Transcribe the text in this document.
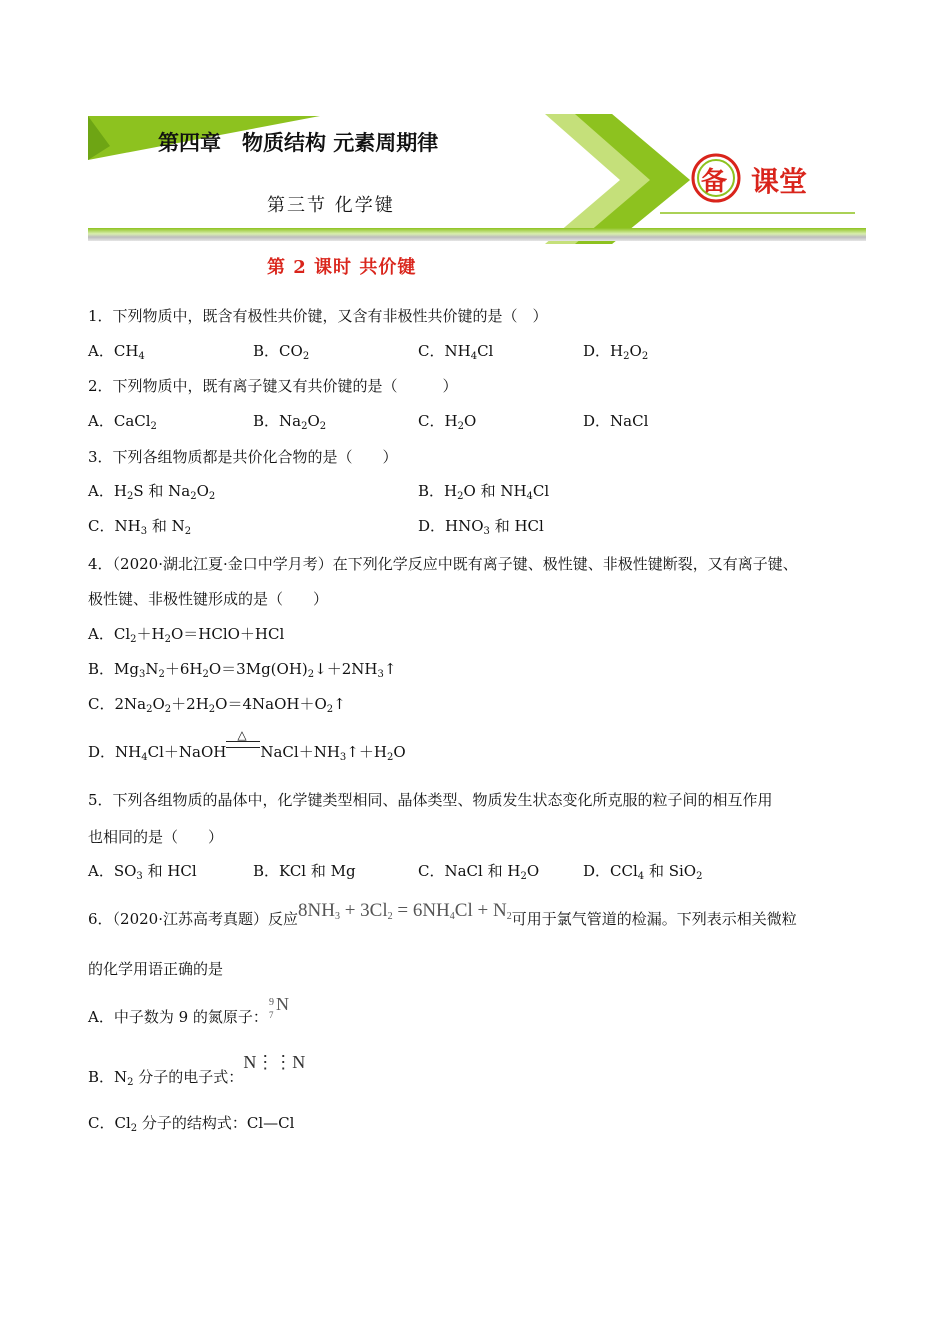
第四章　物质结构 元素周期律
第三节 化学键
备 课堂
第 2 课时 共价键
1．下列物质中，既含有极性共价键，又含有非极性共价键的是（　）
A．$CH_4$	B．$CO_2$	C．$NH_4Cl$	D．$H_2O_2$
2．下列物质中，既有离子键又有共价键的是（　　　）
A．CaCl$_2$	B．$Na_2O_2$	C．$H_2O$	D．NaCl
3．下列各组物质都是共价化合物的是（　　）
A．$H_2S$ 和 $Na_2O_2$	B．$H_2O$ 和 $NH_4Cl$
C．$NH_3$ 和 $N_2$	D．$HNO_3$ 和 HCl
4．（2020·湖北江夏·金口中学月考）在下列化学反应中既有离子键、极性键、非极性键断裂，又有离子键、
极性键、非极性键形成的是（　　）
A．$Cl_2+H_2O=HClO+HCl$
B．$Mg_3N_2+6H_2O=3Mg(OH)_2↓+2NH_3↑$
C．$2Na_2O_2+2H_2O=4NaOH+O_2↑$
D．$NH_4Cl+NaOH$
△
$NaCl+NH_3↑+H_2O$
5．下列各组物质的晶体中，化学键类型相同、晶体类型、物质发生状态变化所克服的粒子间的相互作用
也相同的是（　　）
A．$SO_3$ 和 HCl	B．KCl 和 Mg	C．NaCl 和 $H_2O$	D．CCl$_4$ 和 SiO$_2$
6．（2020·江苏高考真题）反应$8NH_3 + 3Cl_2 = 6NH_4Cl + N_2$可用于氯气管道的检漏。下列表示相关微粒
的化学用语正确的是
A．中子数为 9 的氮原子：
9
7
N
B．$N_2$ 分子的电子式：N⋮⋮N
C．$Cl_2$ 分子的结构式：Cl—Cl
